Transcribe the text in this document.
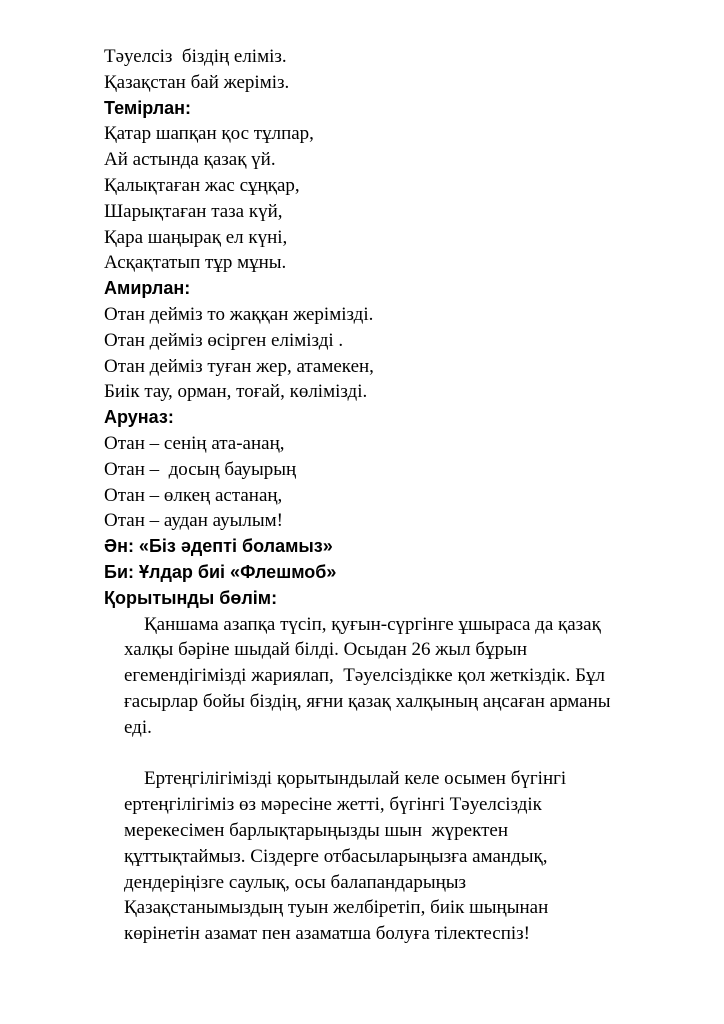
Тәуелсіз  біздің еліміз.
Қазақстан бай жеріміз.
Темірлан:
Қатар шапқан қос тұлпар,
Ай астында қазақ үй.
Қалықтаған жас сұңқар,
Шарықтаған таза күй,
Қара шаңырақ ел күні,
Асқақтатып тұр мұны.
Амирлан:
Отан дейміз то жаққан жерімізді.
Отан дейміз өсірген елімізді .
Отан дейміз туған жер, атамекен,
Биік тау, орман, тоғай, көлімізді.
Аруназ:
Отан – сенің ата-анаң,
Отан –  досың бауырың
Отан – өлкең астанаң,
Отан – аудан ауылым!
Ән: «Біз әдепті боламыз»
Би: Ұлдар биі «Флешмоб»
Қорытынды бөлім:
Қаншама азапқа түсіп, қуғын-сүргінге ұшыраса да қазақ
халқы бәріне шыдай білді. Осыдан 26 жыл бұрын
егемендігімізді жариялап,  Тәуелсіздікке қол жеткіздік. Бұл
ғасырлар бойы біздің, яғни қазақ халқының аңсаған арманы
еді.
Ертеңгілігімізді қорытындылай келе осымен бүгінгі
ертеңгілігіміз өз мәресіне жетті, бүгінгі Тәуелсіздік
мерекесімен барлықтарыңызды шын  жүректен
құттықтаймыз. Сіздерге отбасыларыңызға амандық,
дендеріңізге саулық, осы балапандарыңыз
Қазақстанымыздың туын желбіретіп, биік шыңынан
көрінетін азамат пен азаматша болуға тілектеспіз!
